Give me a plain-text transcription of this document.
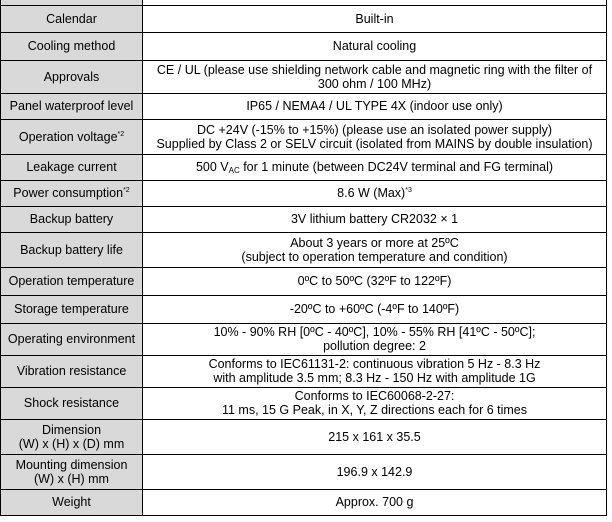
Calendar	Built-in
Cooling method	Natural cooling
Approvals	CE / UL (please use shielding network cable and magnetic ring with the filter of
300 ohm / 100 MHz)

Panel waterproof level	IP65 / NEMA4 / UL TYPE 4X (indoor use only)
Operation voltage$^{*2}$	DC +24V (-15% to +15%) (please use an isolated power supply)
Supplied by Class 2 or SELV circuit (isolated from MAINS by double insulation)

Leakage current	500 $V_{AC}$ for 1 minute (between DC24V terminal and FG terminal)
Power consumption$^{*2}$	8.6 W (Max)$^{*3}$
Backup battery	3V lithium battery CR2032 × 1
Backup battery life	About 3 years or more at 25ºC
(subject to operation temperature and condition)

Operation temperature	0ºC to 50ºC (32ºF to 122ºF)
Storage temperature	-20ºC to +60ºC (-4ºF to 140ºF)
Operating environment	10% - 90% RH [0ºC - 40ºC], 10% - 55% RH [41ºC - 50ºC];
pollution degree: 2

Vibration resistance	Conforms to IEC61131-2: continuous vibration 5 Hz - 8.3 Hz
with amplitude 3.5 mm; 8.3 Hz - 150 Hz with amplitude 1G

Shock resistance	Conforms to IEC60068-2-27:
11 ms, 15 G Peak, in X, Y, Z directions each for 6 times

Dimension
(W) x (H) x (D) mm	215 x 161 x 35.5

Mounting dimension
(W) x (H) mm	196.9 x 142.9
Weight	Approx. 700 g
